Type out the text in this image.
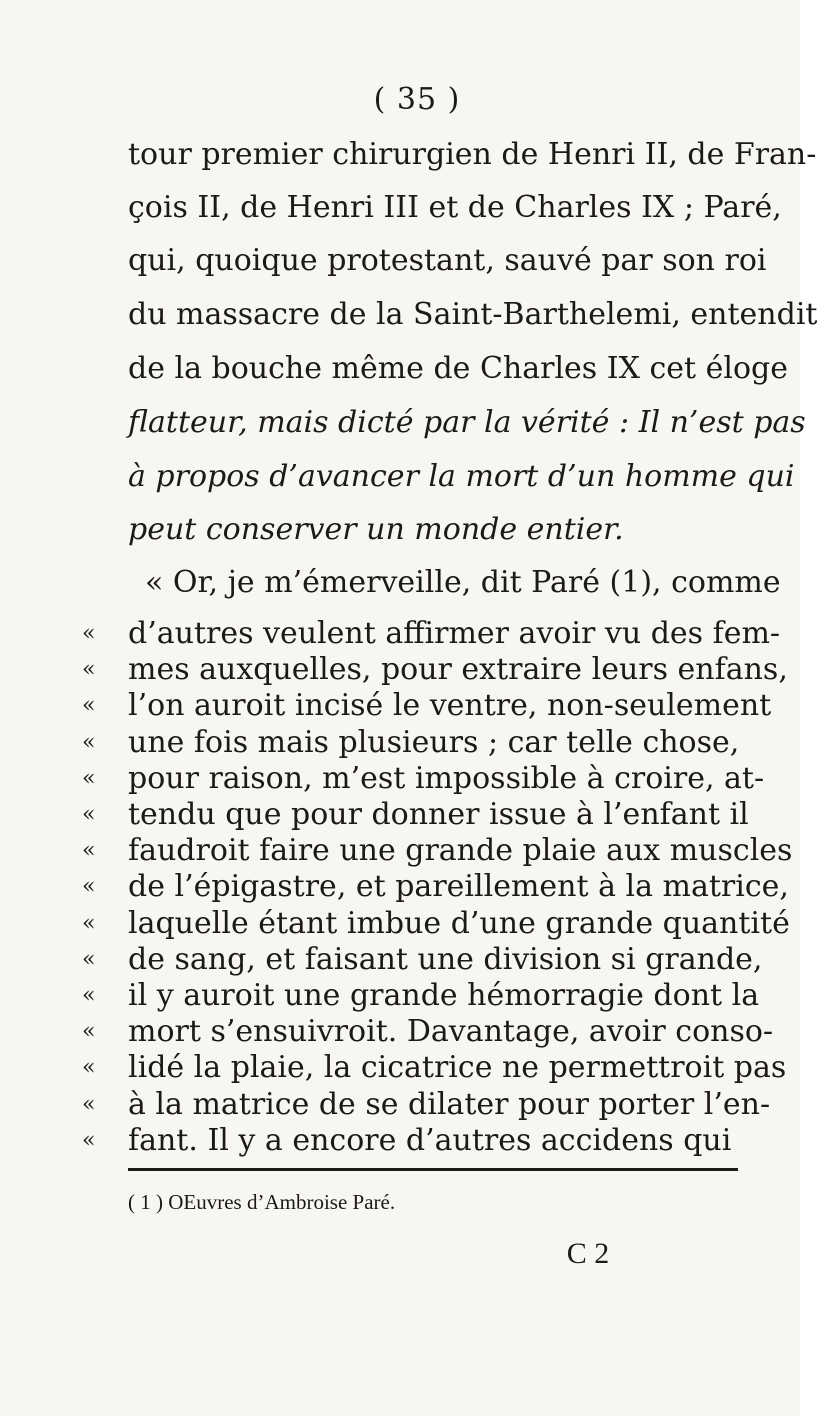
( 35 )
tour premier chirurgien de Henri II, de Fran-
çois II, de Henri III et de Charles IX ; Paré,
qui, quoique protestant, sauvé par son roi
du massacre de la Saint-Barthelemi, entendit
de la bouche même de Charles IX cet éloge
flatteur, mais dicté par la vérité : Il n’est pas
à propos d’avancer la mort d’un homme qui
peut conserver un monde entier.
« Or, je m’émerveille, dit Paré (1), comme
«	d’autres veulent affirmer avoir vu des fem-
«	mes auxquelles, pour extraire leurs enfans,
«	l’on auroit incisé le ventre, non-seulement
«	une fois mais plusieurs ; car telle chose,
«	pour raison, m’est impossible à croire, at-
«	tendu que pour donner issue à l’enfant il
«	faudroit faire une grande plaie aux muscles
«	de l’épigastre, et pareillement à la matrice,
«	laquelle étant imbue d’une grande quantité
«	de sang, et faisant une division si grande,
«	il y auroit une grande hémorragie dont la
«	mort s’ensuivroit. Davantage, avoir conso-
«	lidé la plaie, la cicatrice ne permettroit pas
«	à la matrice de se dilater pour porter l’en-
«	fant. Il y a encore d’autres accidens qui
( 1 ) OEuvres d’Ambroise Paré.
C 2
